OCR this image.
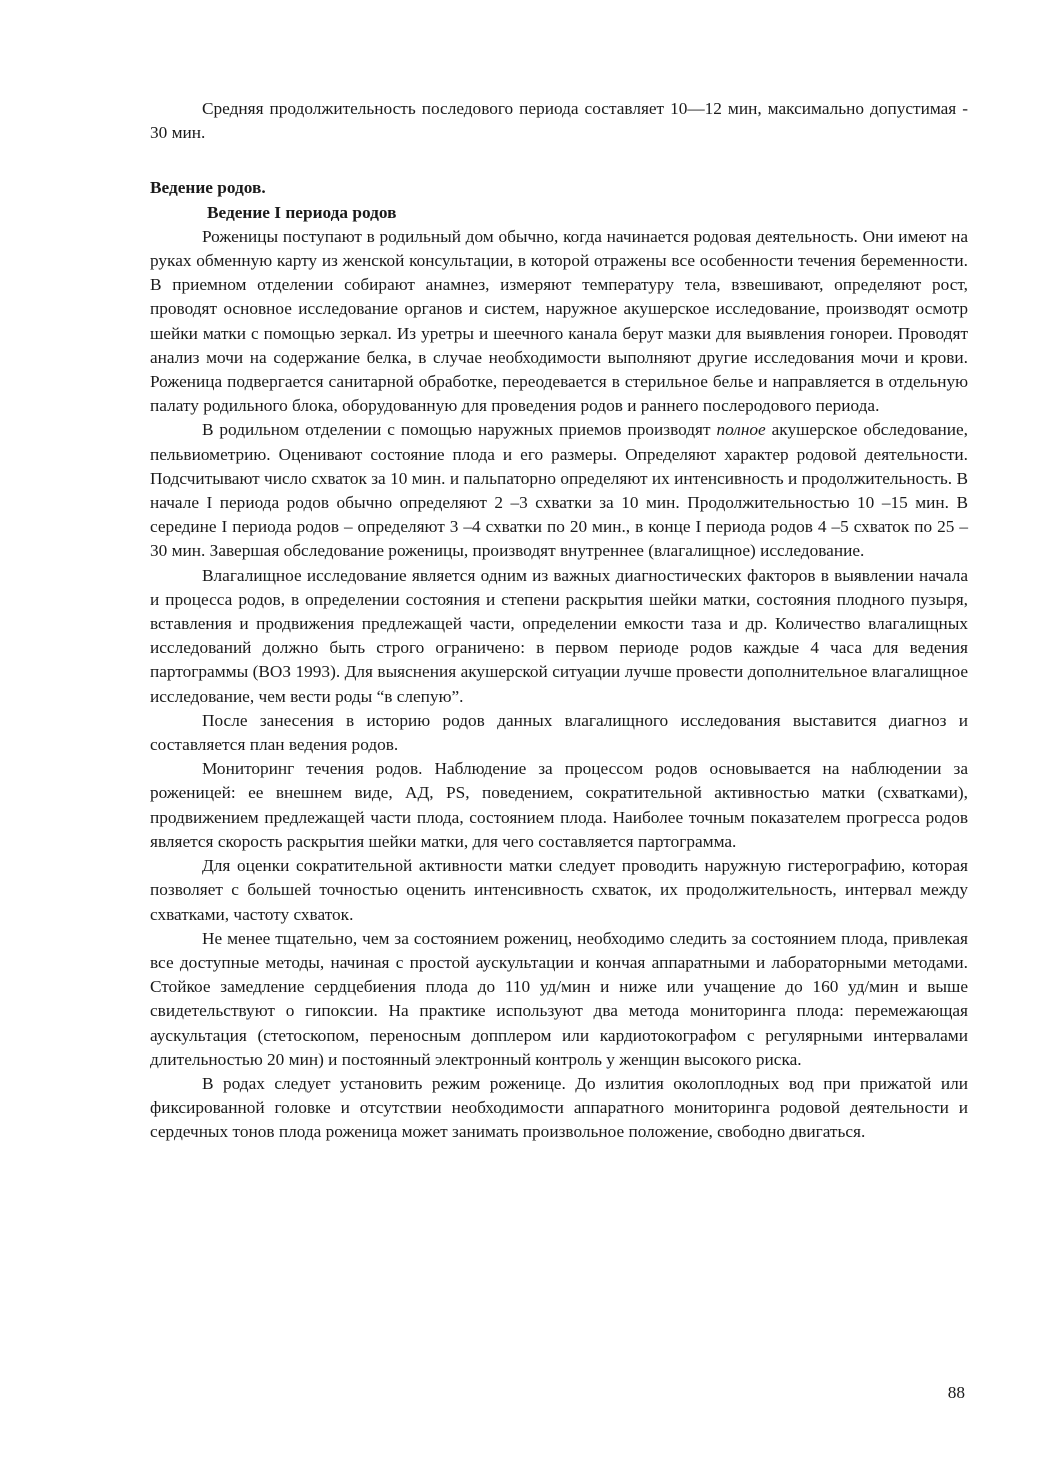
Средняя продолжительность последового периода составляет 10—12 мин, максимально допустимая - 30 мин.

Ведение родов.

Ведение I периода родов

Роженицы поступают в родильный дом обычно, когда начинается родовая деятельность. Они имеют на руках обменную карту из женской консультации, в которой отражены все особенности течения беременности. В приемном отделении собирают анамнез, измеряют температуру тела, взвешивают, определяют рост, проводят основное исследование органов и систем, наружное акушерское исследование, производят осмотр шейки матки с помощью зеркал. Из уретры и шеечного канала берут мазки для выявления гонореи. Проводят анализ мочи на содержание белка, в случае необходимости выполняют другие исследования мочи и крови. Роженица подвергается санитарной обработке, переодевается в стерильное белье и направляется в отдельную палату родильного блока, оборудованную для проведения родов и раннего послеродового периода.

В родильном отделении с помощью наружных приемов производят полное акушерское обследование, пельвиометрию. Оценивают состояние плода и его размеры. Определяют характер родовой деятельности. Подсчитывают число схваток за 10 мин. и пальпаторно определяют их интенсивность и продолжительность. В начале I периода родов обычно определяют 2 –3 схватки за 10 мин. Продолжительностью 10 –15 мин. В середине I периода родов – определяют 3 –4 схватки по 20 мин., в конце I периода родов 4 –5 схваток по 25 –30 мин. Завершая обследование роженицы, производят внутреннее (влагалищное) исследование.

Влагалищное исследование является одним из важных диагностических факторов в выявлении начала и процесса родов, в определении состояния и степени раскрытия шейки матки, состояния плодного пузыря, вставления и продвижения предлежащей части, определении емкости таза и др. Количество влагалищных исследований должно быть строго ограничено: в первом периоде родов каждые 4 часа для ведения партограммы (ВОЗ 1993). Для выяснения акушерской ситуации лучше провести дополнительное влагалищное исследование, чем вести роды “в слепую”.

После занесения в историю родов данных влагалищного исследования выставится диагноз и составляется план ведения родов.

Мониторинг течения родов. Наблюдение за процессом родов основывается на наблюдении за роженицей: ее внешнем виде, АД, PS, поведением, сократительной активностью матки (схватками), продвижением предлежащей части плода, состоянием плода. Наиболее точным показателем прогресса родов является скорость раскрытия шейки матки, для чего составляется партограмма.

Для оценки сократительной активности матки следует проводить наружную гистерографию, которая позволяет с большей точностью оценить интенсивность схваток, их продолжительность, интервал между схватками, частоту схваток.

Не менее тщательно, чем за состоянием рожениц, необходимо следить за состоянием плода, привлекая все доступные методы, начиная с простой аускультации и кончая аппаратными и лабораторными методами. Стойкое замедление сердцебиения плода до 110 уд/мин и ниже или учащение до 160 уд/мин и выше свидетельствуют о гипоксии. На практике используют два метода мониторинга плода: перемежающая аускультация (стетоскопом, переносным допплером или кардиотокографом с регулярными интервалами длительностью 20 мин) и постоянный электронный контроль у женщин высокого риска.

В родах следует установить режим роженице. До излития околоплодных вод при прижатой или фиксированной головке и отсутствии необходимости аппаратного мониторинга родовой деятельности и сердечных тонов плода роженица может занимать произвольное положение, свободно двигаться.

88
